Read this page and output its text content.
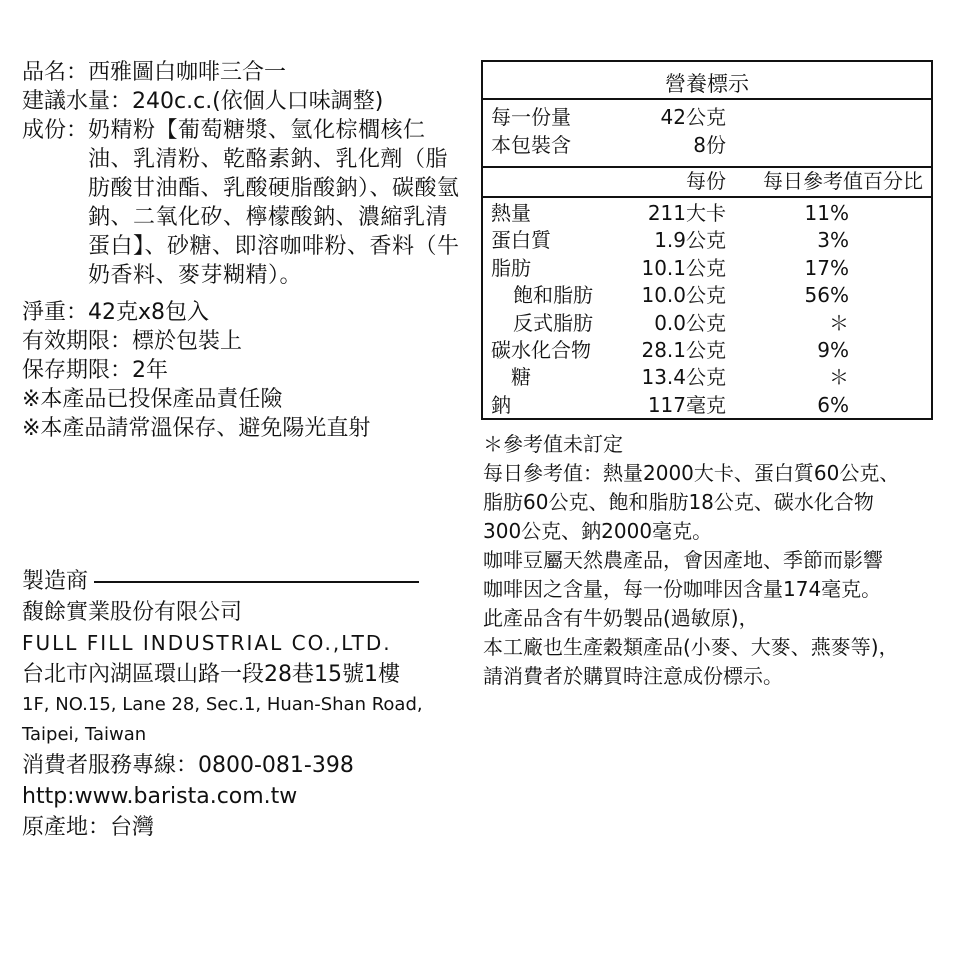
品名： 西雅圖白咖啡三合一
建議水量： 240c.c.(依個人口味調整)
成份： 奶精粉【葡萄糖漿、氫化棕櫚核仁油、乳清粉、乾酪素鈉、乳化劑（脂肪酸甘油酯、乳酸硬脂酸鈉）、碳酸氫鈉、二氧化矽、檸檬酸鈉、濃縮乳清蛋白】、砂糖、即溶咖啡粉、香料（牛奶香料、麥芽糊精）。
淨重：42克x8包入
有效期限：標於包裝上
保存期限：2年
※本產品已投保產品責任險
※本產品請常溫保存、避免陽光直射
製造商
馥餘實業股份有限公司
FULL FILL INDUSTRIAL CO.,LTD.
台北市內湖區環山路一段28巷15號1樓
1F, NO.15, Lane 28, Sec.1, Huan-Shan Road,
Taipei, Taiwan
消費者服務專線：0800-081-398
http:www.barista.com.tw
原產地：台灣
營養標示
每一份量	42公克
本包裝含	8份
每份 每日參考值百分比
熱量	211大卡	11%
蛋白質	1.9公克	3%
脂肪	10.1公克	17%
飽和脂肪 10.0公克	56%
反式脂肪	0.0公克	＊
碳水化合物	28.1公克	9%
糖	13.4公克	＊
鈉	117毫克	6%
＊參考值未訂定
每日參考值：熱量2000大卡、蛋白質60公克、
脂肪60公克、飽和脂肪18公克、碳水化合物
300公克、鈉2000毫克。
咖啡豆屬天然農產品，會因產地、季節而影響
咖啡因之含量，每一份咖啡因含量174毫克。
此產品含有牛奶製品(過敏原)，
本工廠也生產穀類產品(小麥、大麥、燕麥等)，
請消費者於購買時注意成份標示。
